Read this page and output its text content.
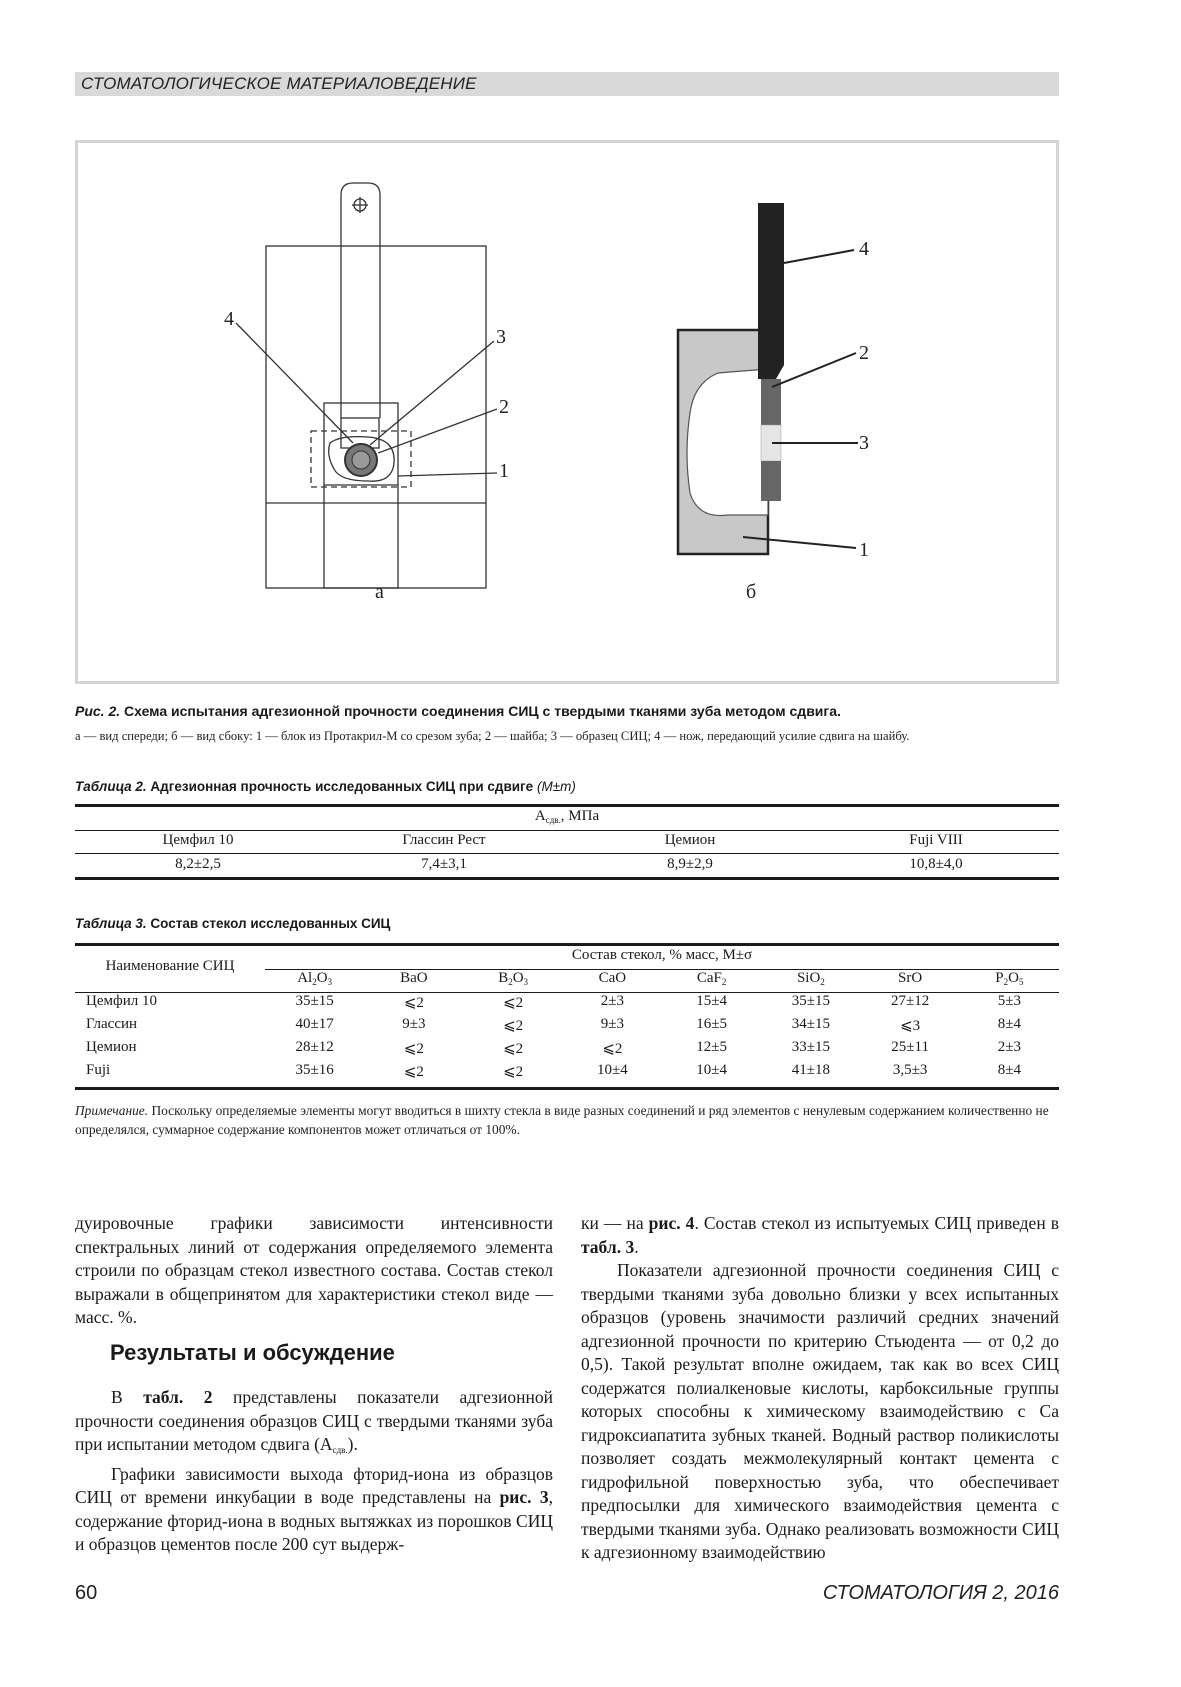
СТОМАТОЛОГИЧЕСКОЕ МАТЕРИАЛОВЕДЕНИЕ
4
3
2
1
а
4
2
3
1
б
Рис. 2. Схема испытания адгезионной прочности соединения СИЦ с твердыми тканями зуба методом сдвига.
а — вид спереди; б — вид сбоку: 1 — блок из Протакрил-М со срезом зуба; 2 — шайба; 3 — образец СИЦ; 4 — нож, передающий усилие сдвига на шайбу.
Таблица 2. Адгезионная прочность исследованных СИЦ при сдвиге (M±m)
$А_{сдв.}$, МПа
Цемфил 10	Глассин Рест	Цемион	Fuji VIII
8,2±2,5	7,4±3,1	8,9±2,9	10,8±4,0
Таблица 3. Состав стекол исследованных СИЦ
Наименование СИЦ
Состав стекол, % масс, M±σ
$Al_2O_3$	BaO	$B_2O_3$	CaO	CaF$_2$	SiO$_2$	SrO	$P_2O_5$
Цемфил 10	35±15	⩽2	⩽2	2±3	15±4	35±15	27±12	5±3
Глассин	40±17	9±3	⩽2	9±3	16±5	34±15	⩽3	8±4
Цемион	28±12	⩽2	⩽2	⩽2	12±5	33±15	25±11	2±3
Fuji	35±16	⩽2	⩽2	10±4	10±4	41±18	3,5±3	8±4
Примечание. Поскольку определяемые элементы могут вводиться в шихту стекла в виде разных соединений и ряд элементов с ненулевым содержанием количественно не определялся, суммарное содержание компонентов может отличаться от 100%.

дуировочные графики зависимости интенсивности спектральных линий от содержания определяемого элемента строили по образцам стекол известного состава. Состав стекол выражали в общепринятом для характеристики стекол виде — масс. %.

Результаты и обсуждение

В табл. 2 представлены показатели адгезионной прочности соединения образцов СИЦ с твердыми тканями зуба при испытании методом сдвига $(А_{сдв.})$.

Графики зависимости выхода фторид-иона из образцов СИЦ от времени инкубации в воде представлены на рис. 3, содержание фторид-иона в водных вытяжках из порошков СИЦ и образцов цементов после 200 сут выдерж-

ки — на рис. 4. Состав стекол из испытуемых СИЦ приведен в табл. 3.

Показатели адгезионной прочности соединения СИЦ с твердыми тканями зуба довольно близки у всех испытанных образцов (уровень значимости различий средних значений адгезионной прочности по критерию Стьюдента — от 0,2 до 0,5). Такой результат вполне ожидаем, так как во всех СИЦ содержатся полиалкеновые кислоты, карбоксильные группы которых способны к химическому взаимодействию с Са гидроксиапатита зубных тканей. Водный раствор поликислоты позволяет создать межмолекулярный контакт цемента с гидрофильной поверхностью зуба, что обеспечивает предпосылки для химического взаимодействия цемента с твердыми тканями зуба. Однако реализовать возможности СИЦ к адгезионному взаимодействию

60	СТОМАТОЛОГИЯ 2, 2016
